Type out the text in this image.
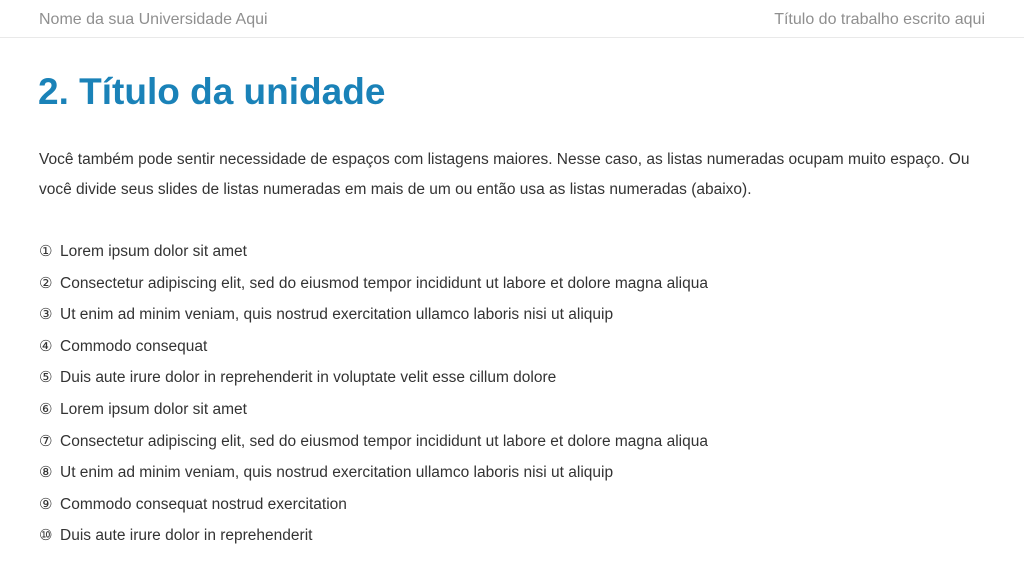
Nome da sua Universidade Aqui	Título do trabalho escrito aqui
2. Título da unidade

Você também pode sentir necessidade de espaços com listagens maiores. Nesse caso, as listas numeradas ocupam muito espaço. Ou você divide seus slides de listas numeradas em mais de um ou então usa as listas numeradas (abaixo).

① Lorem ipsum dolor sit amet
② Consectetur adipiscing elit, sed do eiusmod tempor incididunt ut labore et dolore magna aliqua
③ Ut enim ad minim veniam, quis nostrud exercitation ullamco laboris nisi ut aliquip
④ Commodo consequat
⑤ Duis aute irure dolor in reprehenderit in voluptate velit esse cillum dolore
⑥ Lorem ipsum dolor sit amet
⑦ Consectetur adipiscing elit, sed do eiusmod tempor incididunt ut labore et dolore magna aliqua
⑧ Ut enim ad minim veniam, quis nostrud exercitation ullamco laboris nisi ut aliquip
⑨ Commodo consequat nostrud exercitation
⑩ Duis aute irure dolor in reprehenderit
